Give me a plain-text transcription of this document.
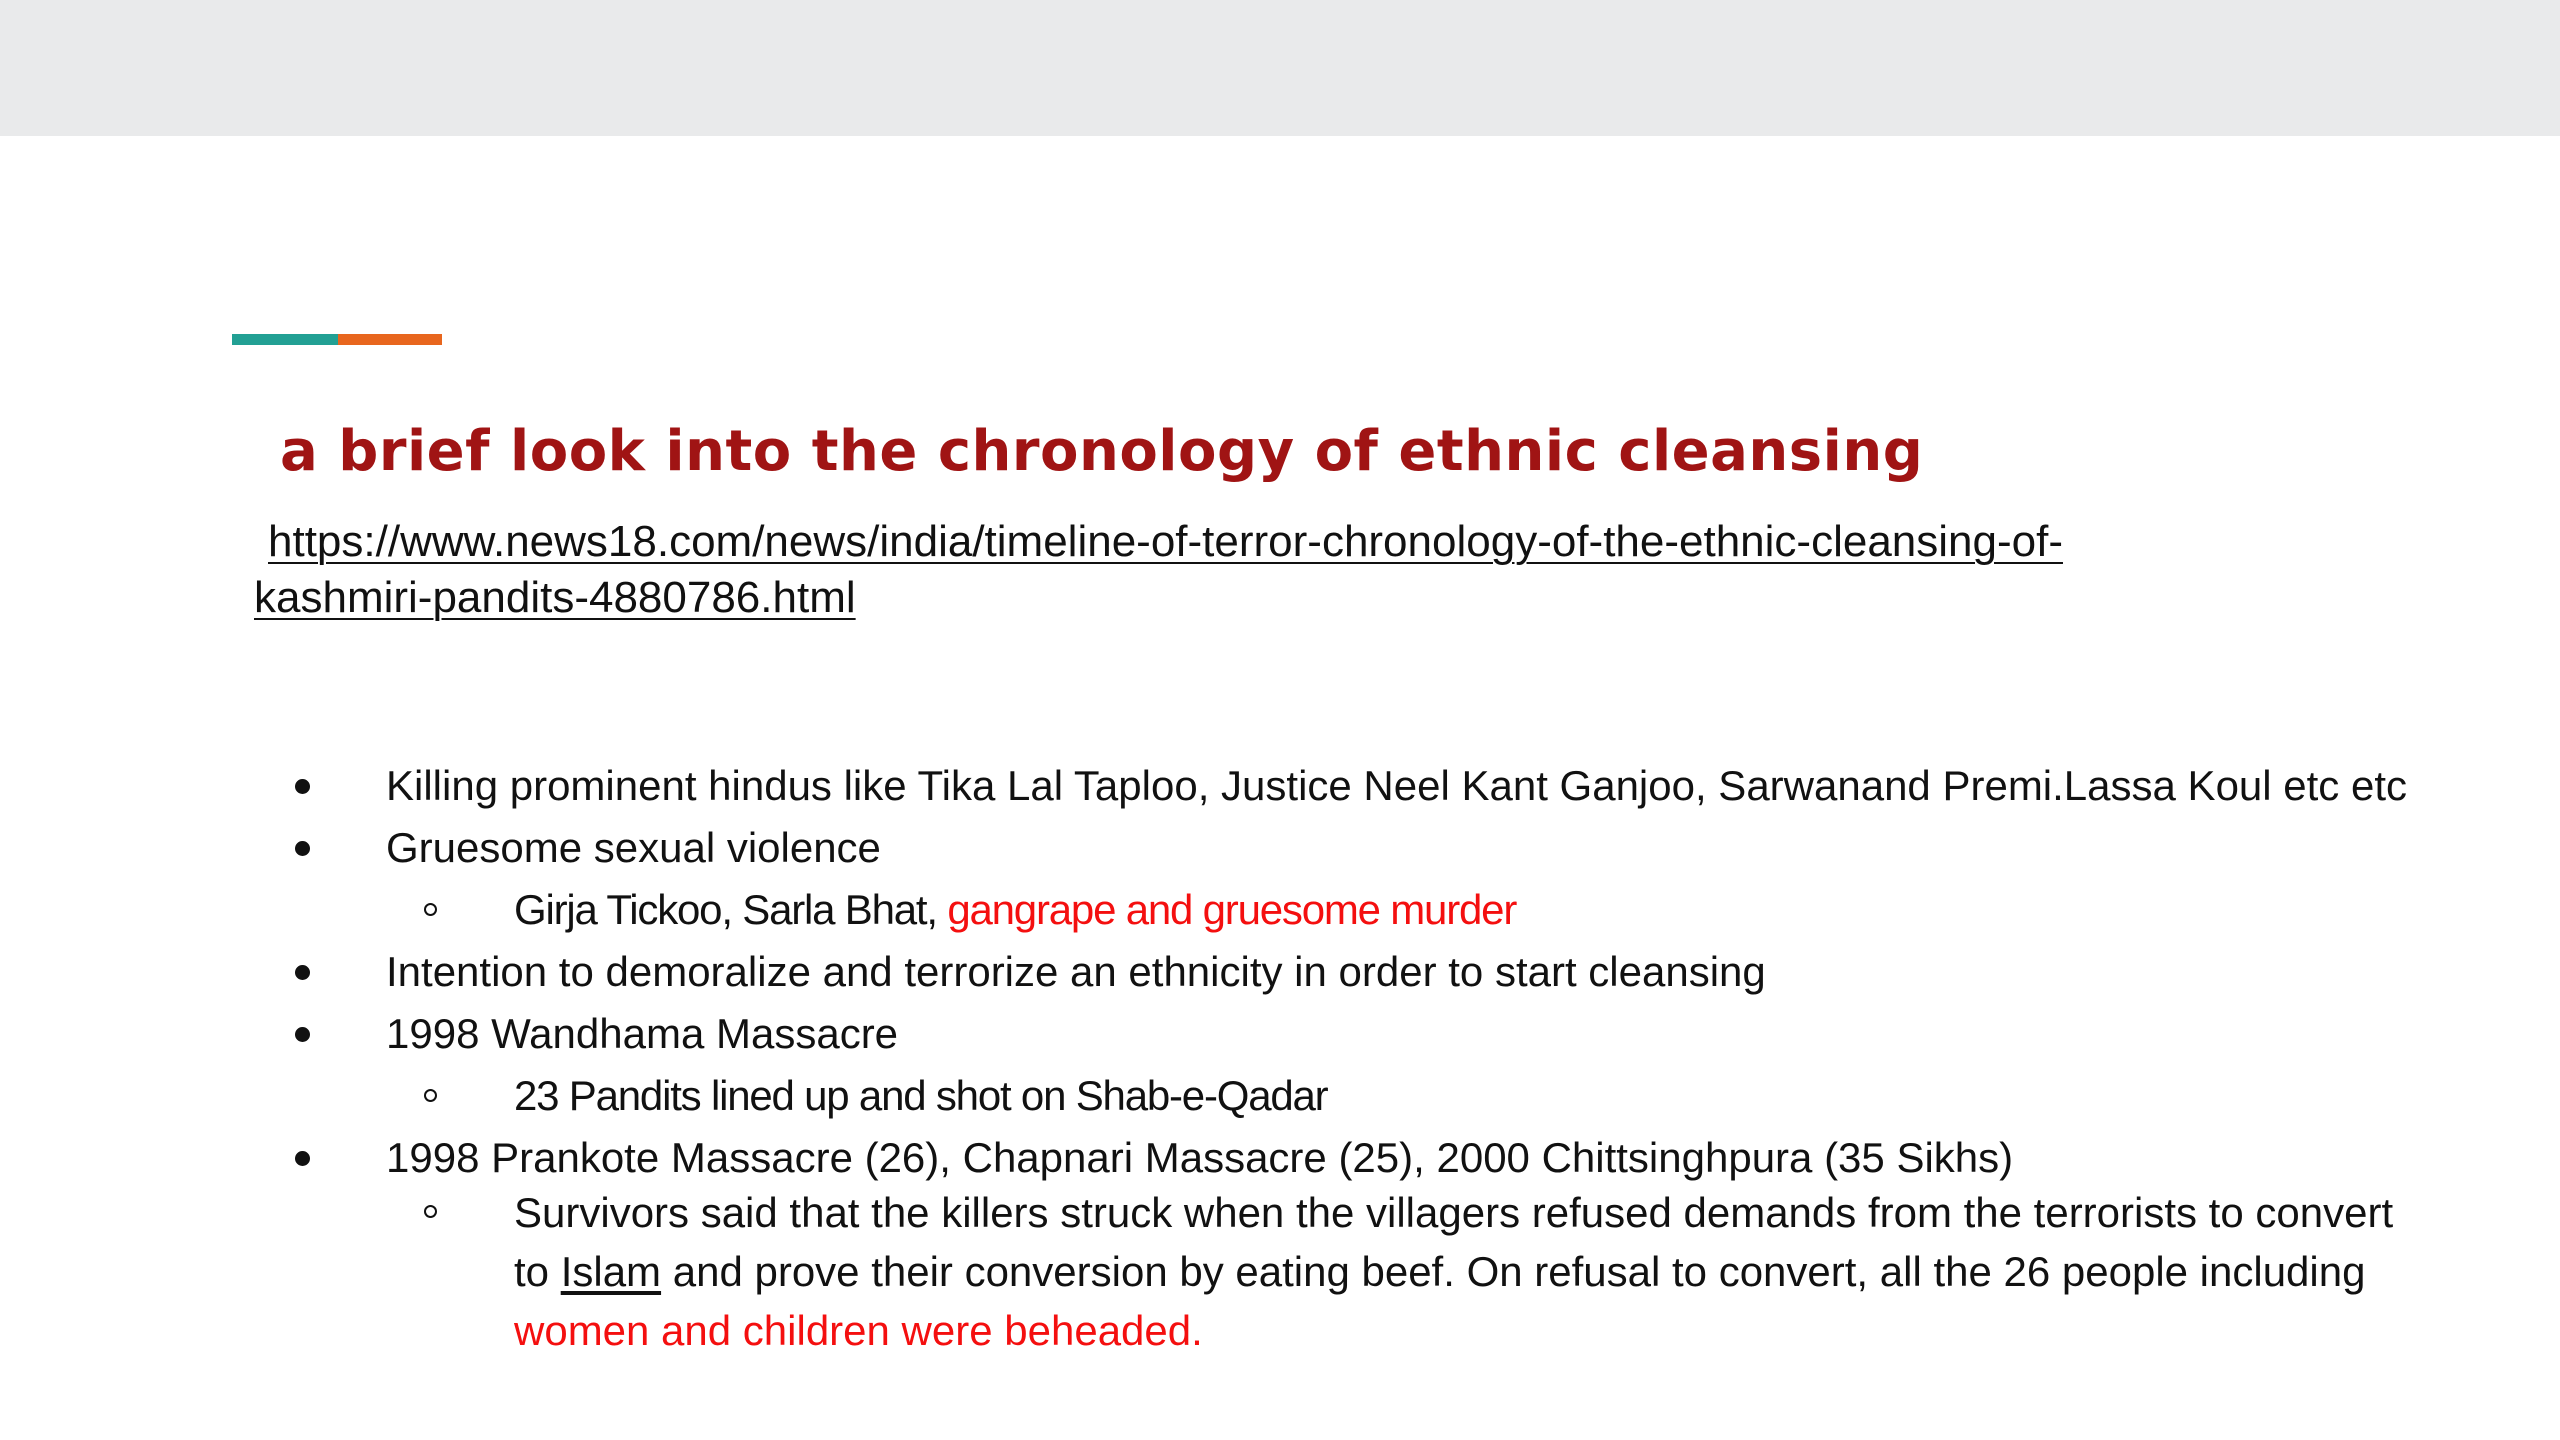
a brief look into the chronology of ethnic cleansing
https://www.news18.com/news/india/timeline-of-terror-chronology-of-the-ethnic-cleansing-of-
kashmiri-pandits-4880786.html
Killing prominent hindus like Tika Lal Taploo, Justice Neel Kant Ganjoo, Sarwanand Premi.Lassa Koul etc etc
Gruesome sexual violence
Girja Tickoo, Sarla Bhat, gangrape and gruesome murder
Intention to demoralize and terrorize an ethnicity in order to start cleansing
1998 Wandhama Massacre
23 Pandits lined up and shot on Shab-e-Qadar
1998 Prankote Massacre (26), Chapnari Massacre (25), 2000 Chittsinghpura (35 Sikhs)
Survivors said that the killers struck when the villagers refused demands from the terrorists to convert to Islam and prove their conversion by eating beef. On refusal to convert, all the 26 people including women and children were beheaded.
